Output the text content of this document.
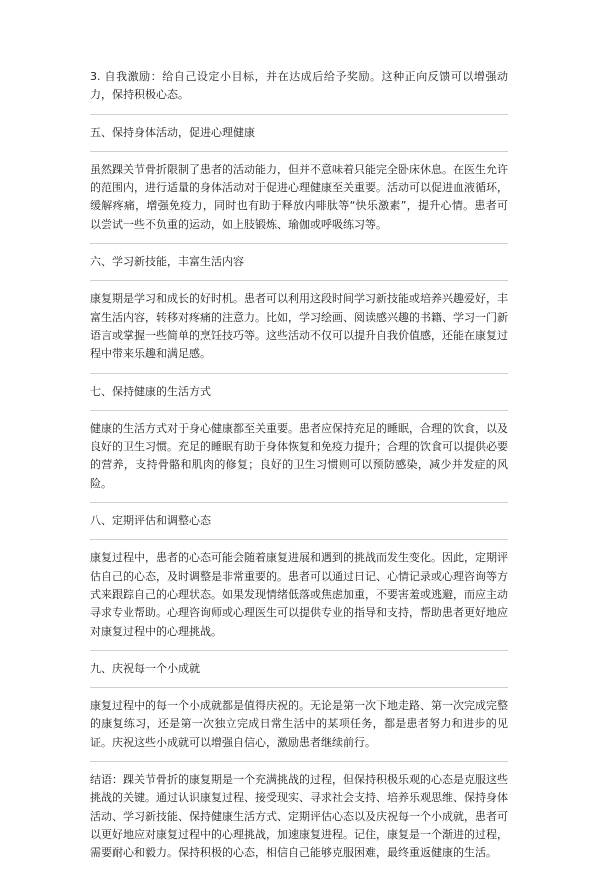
3. 自我激励：给自己设定小目标，并在达成后给予奖励。这种正向反馈可以增强动力，保持积极心态。

五、保持身体活动，促进心理健康

虽然踝关节骨折限制了患者的活动能力，但并不意味着只能完全卧床休息。在医生允许的范围内，进行适量的身体活动对于促进心理健康至关重要。活动可以促进血液循环，缓解疼痛，增强免疫力，同时也有助于释放内啡肽等“快乐激素”，提升心情。患者可以尝试一些不负重的运动，如上肢锻炼、瑜伽或呼吸练习等。

六、学习新技能，丰富生活内容

康复期是学习和成长的好时机。患者可以利用这段时间学习新技能或培养兴趣爱好，丰富生活内容，转移对疼痛的注意力。比如，学习绘画、阅读感兴趣的书籍、学习一门新语言或掌握一些简单的烹饪技巧等。这些活动不仅可以提升自我价值感，还能在康复过程中带来乐趣和满足感。

七、保持健康的生活方式

健康的生活方式对于身心健康都至关重要。患者应保持充足的睡眠，合理的饮食，以及良好的卫生习惯。充足的睡眠有助于身体恢复和免疫力提升；合理的饮食可以提供必要的营养，支持骨骼和肌肉的修复；良好的卫生习惯则可以预防感染，减少并发症的风险。

八、定期评估和调整心态

康复过程中，患者的心态可能会随着康复进展和遇到的挑战而发生变化。因此，定期评估自己的心态，及时调整是非常重要的。患者可以通过日记、心情记录或心理咨询等方式来跟踪自己的心理状态。如果发现情绪低落或焦虑加重，不要害羞或逃避，而应主动寻求专业帮助。心理咨询师或心理医生可以提供专业的指导和支持，帮助患者更好地应对康复过程中的心理挑战。

九、庆祝每一个小成就

康复过程中的每一个小成就都是值得庆祝的。无论是第一次下地走路、第一次完成完整的康复练习，还是第一次独立完成日常生活中的某项任务，都是患者努力和进步的见证。庆祝这些小成就可以增强自信心，激励患者继续前行。

结语：踝关节骨折的康复期是一个充满挑战的过程，但保持积极乐观的心态是克服这些挑战的关键。通过认识康复过程、接受现实、寻求社会支持、培养乐观思维、保持身体活动、学习新技能、保持健康生活方式、定期评估心态以及庆祝每一个小成就，患者可以更好地应对康复过程中的心理挑战，加速康复进程。记住，康复是一个渐进的过程，需要耐心和毅力。保持积极的心态，相信自己能够克服困难，最终重返健康的生活。
